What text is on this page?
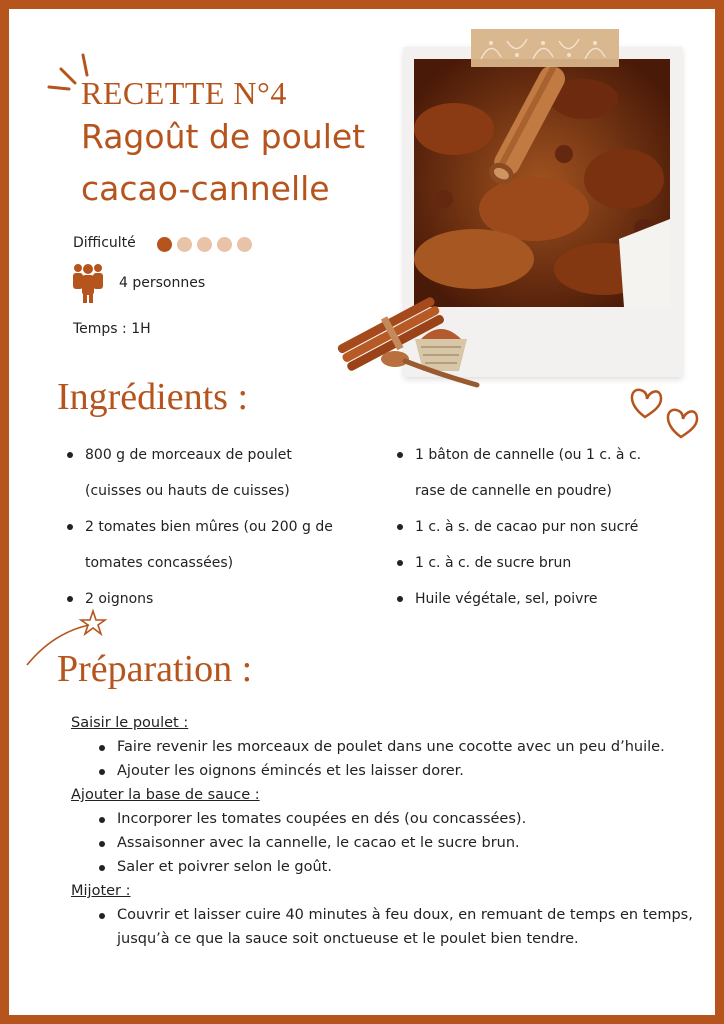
RECETTE N°4
Ragoût de poulet
cacao-cannelle
Difficulté
4 personnes
Temps : 1H
Ingrédients :
800 g de morceaux de poulet
(cuisses ou hauts de cuisses)
2 tomates bien mûres (ou 200 g de
tomates concassées)
2 oignons
1 bâton de cannelle (ou 1 c. à c.
rase de cannelle en poudre)
1 c. à s. de cacao pur non sucré
1 c. à c. de sucre brun
Huile végétale, sel, poivre
Préparation :
Saisir le poulet :
Faire revenir les morceaux de poulet dans une cocotte avec un peu d’huile.
Ajouter les oignons émincés et les laisser dorer.
Ajouter la base de sauce :
Incorporer les tomates coupées en dés (ou concassées).
Assaisonner avec la cannelle, le cacao et le sucre brun.
Saler et poivrer selon le goût.
Mijoter :
Couvrir et laisser cuire 40 minutes à feu doux, en remuant de temps en temps, jusqu’à ce que la sauce soit onctueuse et le poulet bien tendre.
